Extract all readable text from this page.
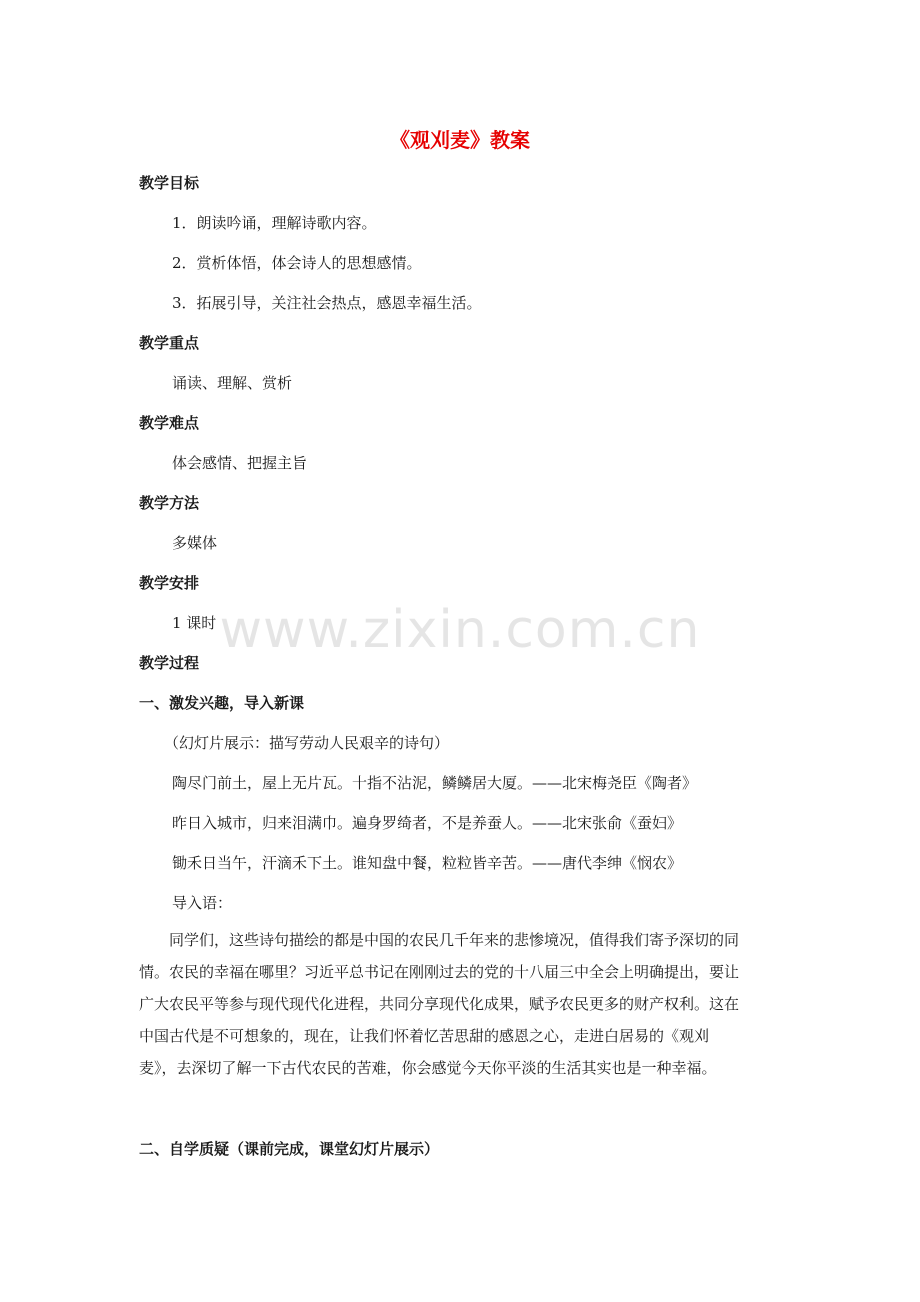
www.zixin.com.cn
《观刈麦》教案
教学目标
1．朗读吟诵，理解诗歌内容。
2．赏析体悟，体会诗人的思想感情。
3．拓展引导，关注社会热点，感恩幸福生活。
教学重点
诵读、理解、赏析
教学难点
体会感情、把握主旨
教学方法
多媒体
教学安排
1 课时
教学过程
一、激发兴趣，导入新课
（幻灯片展示：描写劳动人民艰辛的诗句）
陶尽门前土，屋上无片瓦。十指不沾泥，鳞鳞居大厦。——北宋梅尧臣《陶者》
昨日入城市，归来泪满巾。遍身罗绮者，不是养蚕人。——北宋张俞《蚕妇》
锄禾日当午，汗滴禾下土。谁知盘中餐，粒粒皆辛苦。——唐代李绅《悯农》
导入语：
　　同学们，这些诗句描绘的都是中国的农民几千年来的悲惨境况，值得我们寄予深切的同
情。农民的幸福在哪里？习近平总书记在刚刚过去的党的十八届三中全会上明确提出，要让
广大农民平等参与现代现代化进程，共同分享现代化成果，赋予农民更多的财产权利。这在
中国古代是不可想象的，现在，让我们怀着忆苦思甜的感恩之心，走进白居易的《观刈
麦》，去深切了解一下古代农民的苦难，你会感觉今天你平淡的生活其实也是一种幸福。
二、自学质疑（课前完成，课堂幻灯片展示）
